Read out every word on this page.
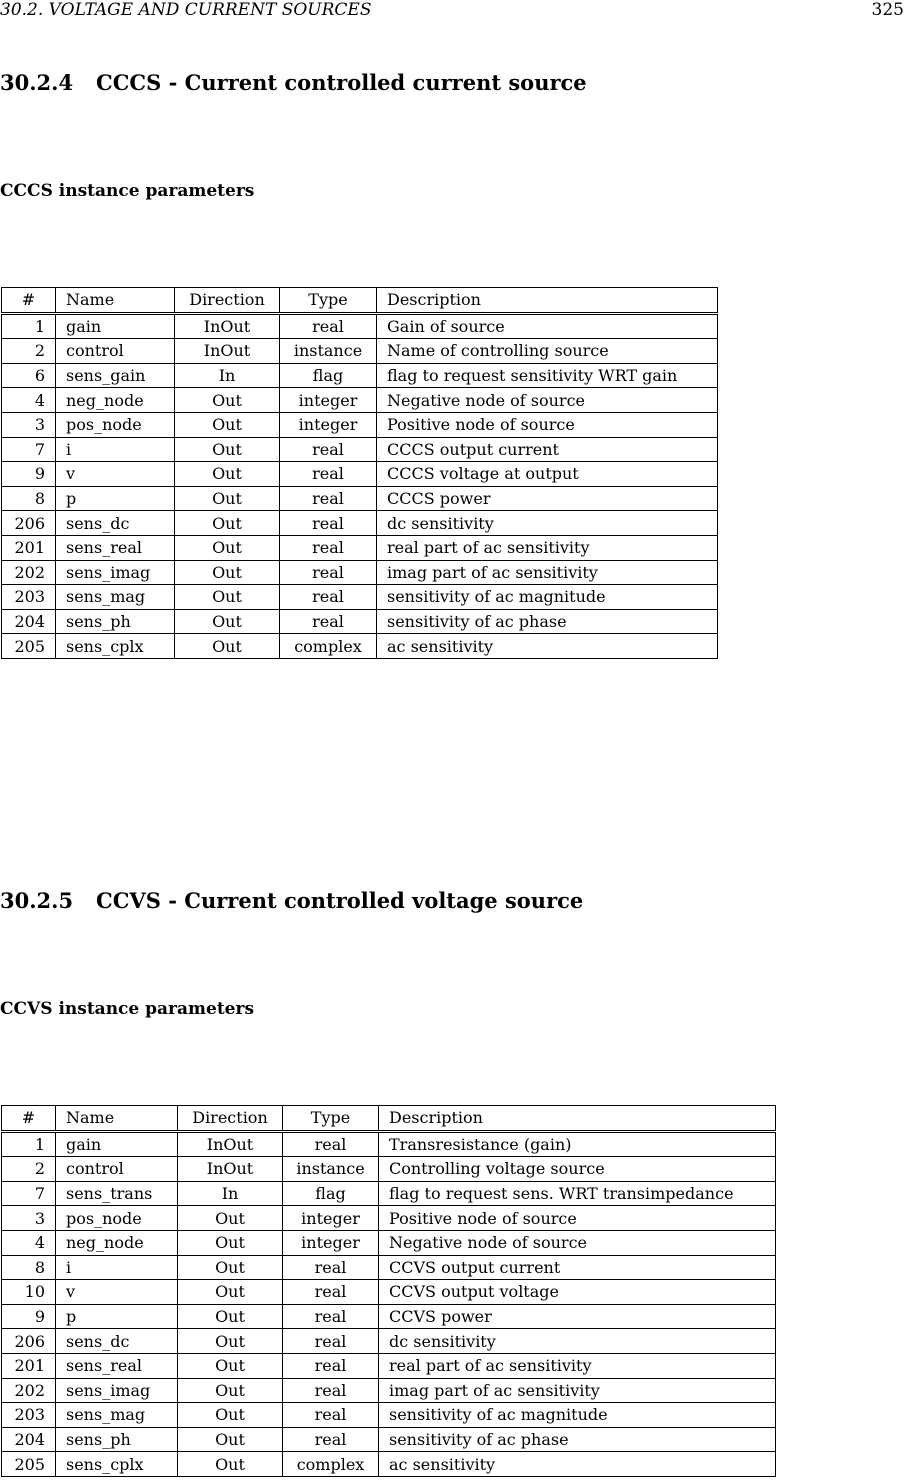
30.2. VOLTAGE AND CURRENT SOURCES	325
30.2.4 CCCS - Current controlled current source
CCCS instance parameters
#	Name	Direction	Type	Description
1	gain	InOut	real	Gain of source
2	control	InOut	instance	Name of controlling source
6	sens_gain	In	flag	flag to request sensitivity WRT gain
4	neg_node	Out	integer	Negative node of source
3	pos_node	Out	integer	Positive node of source
7	i	Out	real	CCCS output current
9	v	Out	real	CCCS voltage at output
8	p	Out	real	CCCS power
206	sens_dc	Out	real	dc sensitivity
201	sens_real	Out	real	real part of ac sensitivity
202	sens_imag	Out	real	imag part of ac sensitivity
203	sens_mag	Out	real	sensitivity of ac magnitude
204	sens_ph	Out	real	sensitivity of ac phase
205	sens_cplx	Out	complex	ac sensitivity
30.2.5 CCVS - Current controlled voltage source
CCVS instance parameters
#	Name	Direction	Type	Description
1	gain	InOut	real	Transresistance (gain)
2	control	InOut	instance	Controlling voltage source
7	sens_trans	In	flag	flag to request sens. WRT transimpedance
3	pos_node	Out	integer	Positive node of source
4	neg_node	Out	integer	Negative node of source
8	i	Out	real	CCVS output current
10	v	Out	real	CCVS output voltage
9	p	Out	real	CCVS power
206	sens_dc	Out	real	dc sensitivity
201	sens_real	Out	real	real part of ac sensitivity
202	sens_imag	Out	real	imag part of ac sensitivity
203	sens_mag	Out	real	sensitivity of ac magnitude
204	sens_ph	Out	real	sensitivity of ac phase
205	sens_cplx	Out	complex	ac sensitivity
